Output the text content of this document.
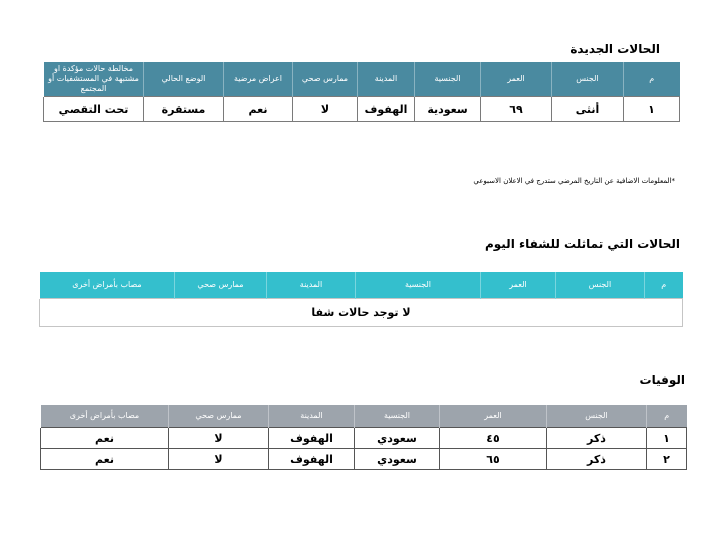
الحالات الجديدة
م	الجنس	العمر	الجنسية	المدينة	ممارس صحي	اعراض مرضية	الوضع الحالي	مخالطة حالات مؤكدة او مشتبهة في المستشفيات أو المجتمع
١	أنثى	٦٩	سعودية	الهفوف	لا	نعم	مستقرة	تحت التقصي
*المعلومات الاضافية عن التاريخ المرضي ستدرج في الاعلان الاسبوعي
الحالات التي تماثلت للشفاء اليوم
م	الجنس	العمر	الجنسية	المدينة	ممارس صحي	مصاب بأمراض أخرى
لا توجد حالات شفا
الوفيات
م	الجنس	العمر	الجنسية	المدينة	ممارس صحي	مصاب بأمراض أخرى
١	ذكر	٤٥	سعودي	الهفوف	لا	نعم
٢	ذكر	٦٥	سعودي	الهفوف	لا	نعم
